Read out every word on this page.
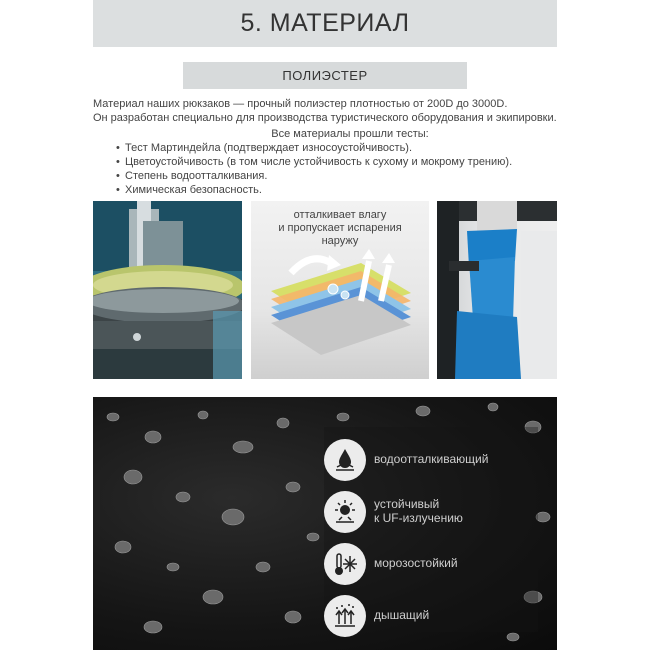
5. МАТЕРИАЛ
ПОЛИЭСТЕР

Материал наших рюкзаков — прочный полиэстер плотностью от 200D до 3000D.

Он разработан специально для производства туристического оборудования и экипировки.

Все материалы прошли тесты:
• Тест Мартиндейла (подтверждает износоустойчивость).
• Цветоустойчивость (в том числе устойчивость к сухому и мокрому трению).
• Степень водоотталкивания.
• Химическая безопасность.
отталкивает влагу
и пропускает испарения
наружу
водоотталкивающий
устойчивый
к UF-излучению
морозостойкий
дышащий
